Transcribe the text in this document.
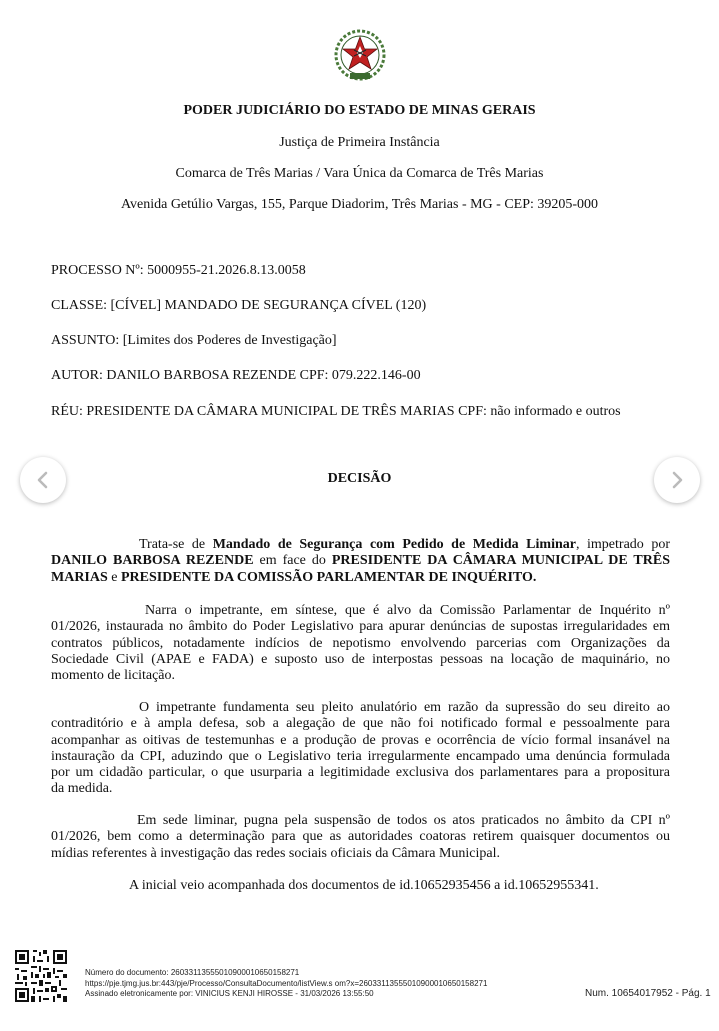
PODER JUDICIÁRIO DO ESTADO DE MINAS GERAIS
Justiça de Primeira Instância
Comarca de Três Marias / Vara Única da Comarca de Três Marias
Avenida Getúlio Vargas, 155, Parque Diadorim, Três Marias - MG - CEP: 39205-000
PROCESSO Nº: 5000955-21.2026.8.13.0058
CLASSE: [CÍVEL] MANDADO DE SEGURANÇA CÍVEL (120)
ASSUNTO: [Limites dos Poderes de Investigação]
AUTOR: DANILO BARBOSA REZENDE CPF: 079.222.146-00
RÉU: PRESIDENTE DA CÂMARA MUNICIPAL DE TRÊS MARIAS CPF: não informado e outros
DECISÃO
Trata-se de Mandado de Segurança com Pedido de Medida Liminar, impetrado por
DANILO BARBOSA REZENDE em face do PRESIDENTE DA CÂMARA MUNICIPAL DE TRÊS
MARIAS e PRESIDENTE DA COMISSÃO PARLAMENTAR DE INQUÉRITO.
Narra o impetrante, em síntese, que é alvo da Comissão Parlamentar de Inquérito nº
01/2026, instaurada no âmbito do Poder Legislativo para apurar denúncias de supostas irregularidades em
contratos públicos, notadamente indícios de nepotismo envolvendo parcerias com Organizações da
Sociedade Civil (APAE e FADA) e suposto uso de interpostas pessoas na locação de maquinário, no
momento de licitação.
O impetrante fundamenta seu pleito anulatório em razão da supressão do seu direito ao
contraditório e à ampla defesa, sob a alegação de que não foi notificado formal e pessoalmente para
acompanhar as oitivas de testemunhas e a produção de provas e ocorrência de vício formal insanável na
instauração da CPI, aduzindo que o Legislativo teria irregularmente encampado uma denúncia formulada
por um cidadão particular, o que usurparia a legitimidade exclusiva dos parlamentares para a propositura
da medida.
Em sede liminar, pugna pela suspensão de todos os atos praticados no âmbito da CPI nº
01/2026, bem como a determinação para que as autoridades coatoras retirem quaisquer documentos ou
mídias referentes à investigação das redes sociais oficiais da Câmara Municipal.
A inicial veio acompanhada dos documentos de id.10652935456 a id.10652955341.
Número do documento: 26033113555010900010650158271
https://pje.tjmg.jus.br:443/pje/Processo/ConsultaDocumento/listView.s om?x=26033113555010900010650158271
Assinado eletronicamente por: VINICIUS KENJI HIROSSE - 31/03/2026 13:55:50	Num. 10654017952 - Pág. 1
